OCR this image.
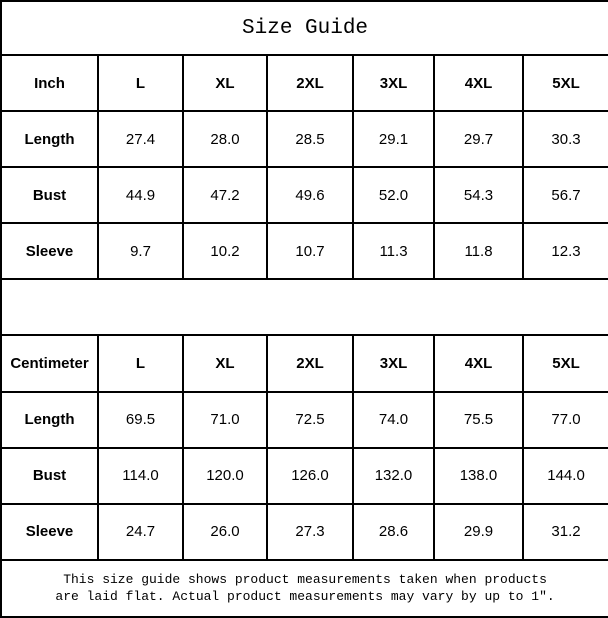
Size Guide						
Inch	L	XL	2XL	3XL	4XL	5XL
Length	27.4	28.0	28.5	29.1	29.7	30.3
Bust	44.9	47.2	49.6	52.0	54.3	56.7
Sleeve	9.7	10.2	10.7	11.3	11.8	12.3

Centimeter	L	XL	2XL	3XL	4XL	5XL
Length	69.5	71.0	72.5	74.0	75.5	77.0
Bust	114.0	120.0	126.0	132.0	138.0	144.0
Sleeve	24.7	26.0	27.3	28.6	29.9	31.2

This size guide shows product measurements taken when products
are laid flat. Actual product measurements may vary by up to 1″.						
